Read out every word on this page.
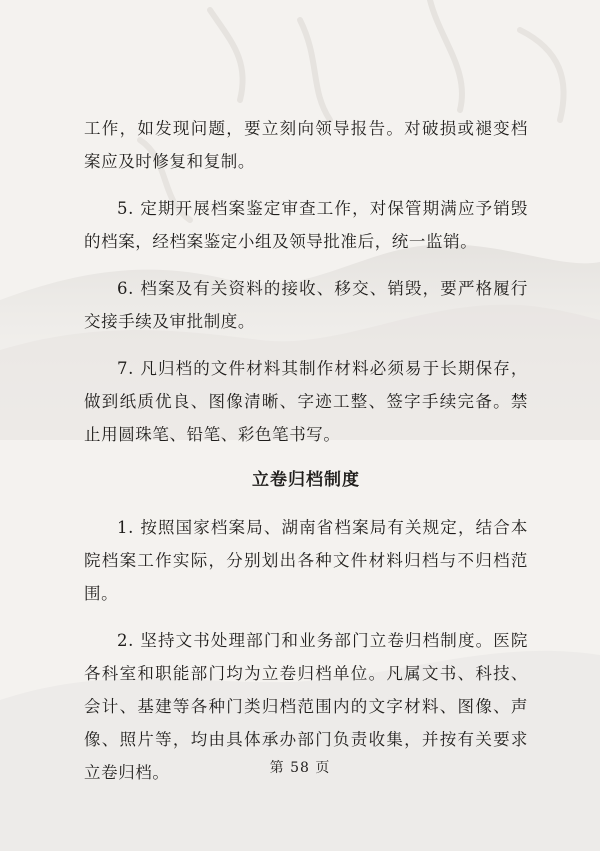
工作，如发现问题，要立刻向领导报告。对破损或褪变档案应及时修复和复制。

5. 定期开展档案鉴定审查工作，对保管期满应予销毁的档案，经档案鉴定小组及领导批准后，统一监销。

6. 档案及有关资料的接收、移交、销毁，要严格履行交接手续及审批制度。

7. 凡归档的文件材料其制作材料必须易于长期保存，做到纸质优良、图像清晰、字迹工整、签字手续完备。禁止用圆珠笔、铅笔、彩色笔书写。

立卷归档制度

1. 按照国家档案局、湖南省档案局有关规定，结合本院档案工作实际，分别划出各种文件材料归档与不归档范围。

2. 坚持文书处理部门和业务部门立卷归档制度。医院各科室和职能部门均为立卷归档单位。凡属文书、科技、会计、基建等各种门类归档范围内的文字材料、图像、声像、照片等，均由具体承办部门负责收集，并按有关要求立卷归档。	第 58 页
